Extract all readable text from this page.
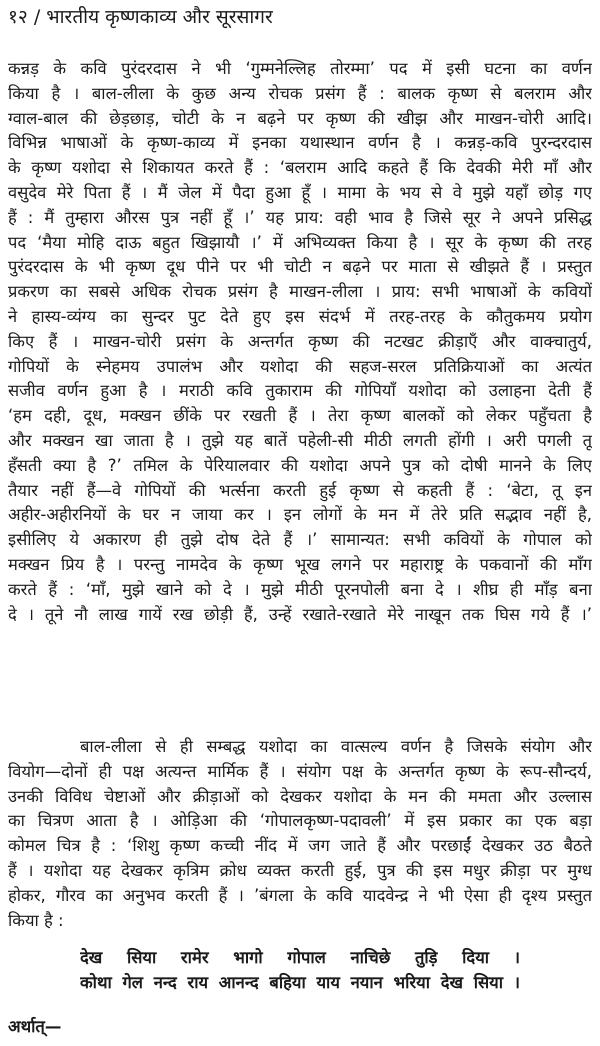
१२ / भारतीय कृष्णकाव्य और सूरसागर
कन्नड़ के कवि पुरंदरदास ने भी ‘गुम्मनेल्लिह तोरम्मा’ पद में इसी घटना का वर्णन
किया है । बाल-लीला के कुछ अन्य रोचक प्रसंग हैं : बालक कृष्ण से बलराम और
ग्वाल-बाल की छेड़छाड़, चोटी के न बढ़ने पर कृष्ण की खीझ और माखन-चोरी आदि।
विभिन्न भाषाओं के कृष्ण-काव्य में इनका यथास्थान वर्णन है । कन्नड़-कवि पुरन्दरदास
के कृष्ण यशोदा से शिकायत करते हैं : ‘बलराम आदि कहते हैं कि देवकी मेरी माँ और
वसुदेव मेरे पिता हैं । मैं जेल में पैदा हुआ हूँ । मामा के भय से वे मुझे यहाँ छोड़ गए
हैं : मैं तुम्हारा औरस पुत्र नहीं हूँ ।’ यह प्राय: वही भाव है जिसे सूर ने अपने प्रसिद्ध
पद ‘मैया मोहि दाऊ बहुत खिझायौ ।’ में अभिव्यक्त किया है । सूर के कृष्ण की तरह
पुरंदरदास के भी कृष्ण दूध पीने पर भी चोटी न बढ़ने पर माता से खीझते हैं । प्रस्तुत
प्रकरण का सबसे अधिक रोचक प्रसंग है माखन-लीला । प्राय: सभी भाषाओं के कवियों
ने हास्य-व्यंग्य का सुन्दर पुट देते हुए इस संदर्भ में तरह-तरह के कौतुकमय प्रयोग
किए हैं । माखन-चोरी प्रसंग के अन्तर्गत कृष्ण की नटखट क्रीड़ाएँ और वाक्चातुर्य,
गोपियों के स्नेहमय उपालंभ और यशोदा की सहज-सरल प्रतिक्रियाओं का अत्यंत
सजीव वर्णन हुआ है । मराठी कवि तुकाराम की गोपियाँ यशोदा को उलाहना देती हैं
‘हम दही, दूध, मक्खन छींके पर रखती हैं । तेरा कृष्ण बालकों को लेकर पहुँचता है
और मक्खन खा जाता है । तुझे यह बातें पहेली-सी मीठी लगती होंगी । अरी पगली तू
हँसती क्या है ?’ तमिल के पेरियालवार की यशोदा अपने पुत्र को दोषी मानने के लिए
तैयार नहीं हैं—वे गोपियों की भर्त्सना करती हुई कृष्ण से कहती हैं : ‘बेटा, तू इन
अहीर-अहीरनियों के घर न जाया कर । इन लोगों के मन में तेरे प्रति सद्भाव नहीं है,
इसीलिए ये अकारण ही तुझे दोष देते हैं ।’ सामान्यत: सभी कवियों के गोपाल को
मक्खन प्रिय है । परन्तु नामदेव के कृष्ण भूख लगने पर महाराष्ट्र के पकवानों की माँग
करते हैं : ‘माँ, मुझे खाने को दे । मुझे मीठी पूरनपोली बना दे । शीघ्र ही माँड़ बना
दे । तूने नौ लाख गायें रख छोड़ी हैं, उन्हें रखाते-रखाते मेरे नाखून तक घिस गये हैं ।’
बाल-लीला से ही सम्बद्ध यशोदा का वात्सल्य वर्णन है जिसके संयोग और
वियोग—दोनों ही पक्ष अत्यन्त मार्मिक हैं । संयोग पक्ष के अन्तर्गत कृष्ण के रूप-सौन्दर्य,
उनकी विविध चेष्टाओं और क्रीड़ाओं को देखकर यशोदा के मन की ममता और उल्लास
का चित्रण आता है । ओड़िआ की ‘गोपालकृष्ण-पदावली’ में इस प्रकार का एक बड़ा
कोमल चित्र है : ‘शिशु कृष्ण कच्ची नींद में जग जाते हैं और परछाईं देखकर उठ बैठते
हैं । यशोदा यह देखकर कृत्रिम क्रोध व्यक्त करती हुई, पुत्र की इस मधुर क्रीड़ा पर मुग्ध
होकर, गौरव का अनुभव करती हैं । ’बंगला के कवि यादवेन्द्र ने भी ऐसा ही दृश्य प्रस्तुत
किया है :
देख सिया रामेर भागो गोपाल नाचिछे तुड़ि दिया ।
कोथा गेल नन्द राय आनन्द बहिया याय नयान भरिया देख सिया ।
अर्थात्—
